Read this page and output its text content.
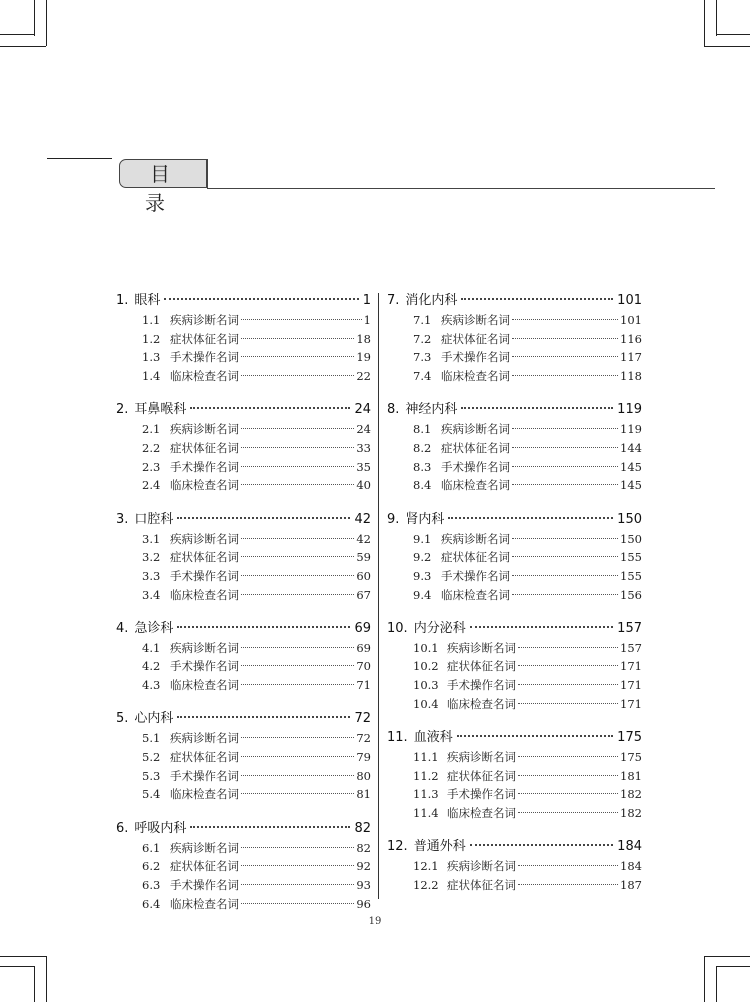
目 录
1. 眼科	1
1.1 疾病诊断名词	1
1.2 症状体征名词	18
1.3 手术操作名词	19
1.4 临床检查名词	22
2. 耳鼻喉科	24
2.1 疾病诊断名词	24
2.2 症状体征名词	33
2.3 手术操作名词	35
2.4 临床检查名词	40
3. 口腔科	42
3.1 疾病诊断名词	42
3.2 症状体征名词	59
3.3 手术操作名词	60
3.4 临床检查名词	67
4. 急诊科	69
4.1 疾病诊断名词	69
4.2 手术操作名词	70
4.3 临床检查名词	71
5. 心内科	72
5.1 疾病诊断名词	72
5.2 症状体征名词	79
5.3 手术操作名词	80
5.4 临床检查名词	81
6. 呼吸内科	82
6.1 疾病诊断名词	82
6.2 症状体征名词	92
6.3 手术操作名词	93
6.4 临床检查名词	96
7. 消化内科	101
7.1 疾病诊断名词	101
7.2 症状体征名词	116
7.3 手术操作名词	117
7.4 临床检查名词	118
8. 神经内科	119
8.1 疾病诊断名词	119
8.2 症状体征名词	144
8.3 手术操作名词	145
8.4 临床检查名词	145
9. 肾内科	150
9.1 疾病诊断名词	150
9.2 症状体征名词	155
9.3 手术操作名词	155
9.4 临床检查名词	156
10. 内分泌科	157
10.1 疾病诊断名词	157
10.2 症状体征名词	171
10.3 手术操作名词	171
10.4 临床检查名词	171
11. 血液科	175
11.1 疾病诊断名词	175
11.2 症状体征名词	181
11.3 手术操作名词	182
11.4 临床检查名词	182
12. 普通外科	184
12.1 疾病诊断名词	184
12.2 症状体征名词	187
19
